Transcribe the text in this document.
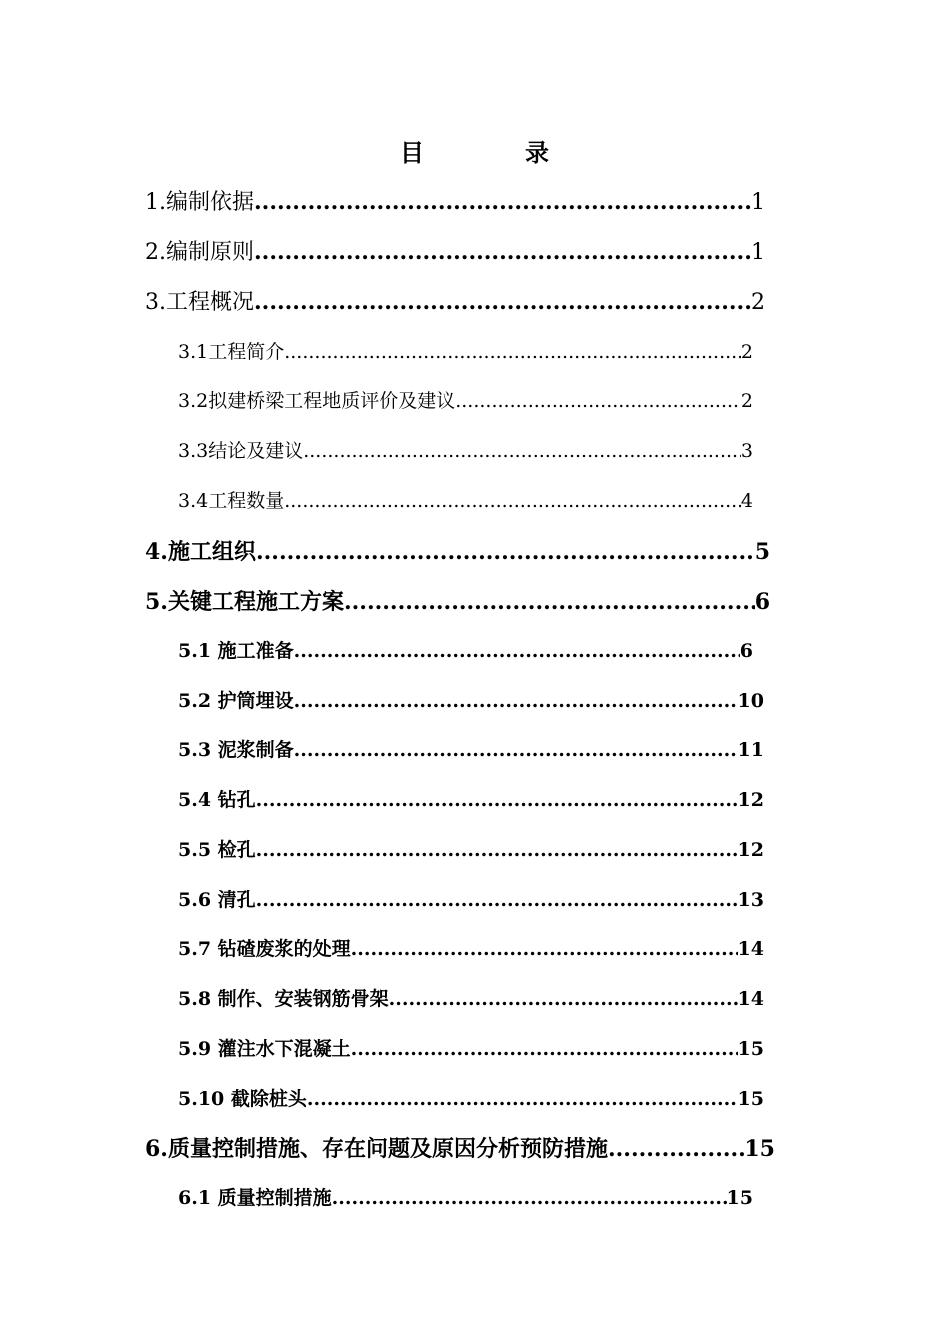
目	录
1.编制依据 .....	1
2.编制原则 .....	1
3.工程概况 .....	2
3.1工程简介 .....	2
3.2拟建桥梁工程地质评价及建议 .....	2
3.3结论及建议 .....	3
3.4工程数量 .....	4
4.施工组织 .....	5
5.关键工程施工方案 .....	6
5.1 施工准备 .....	6
5.2 护筒埋设 .....	10
5.3 泥浆制备 .....	11
5.4 钻孔 .....	12
5.5 检孔 .....	12
5.6 清孔 .....	13
5.7 钻碴废浆的处理 .....	14
5.8 制作、安装钢筋骨架 .....	14
5.9 灌注水下混凝土 .....	15
5.10 截除桩头 .....	15
6.质量控制措施、存在问题及原因分析预防措施 .....	15
6.1 质量控制措施 .....	15
